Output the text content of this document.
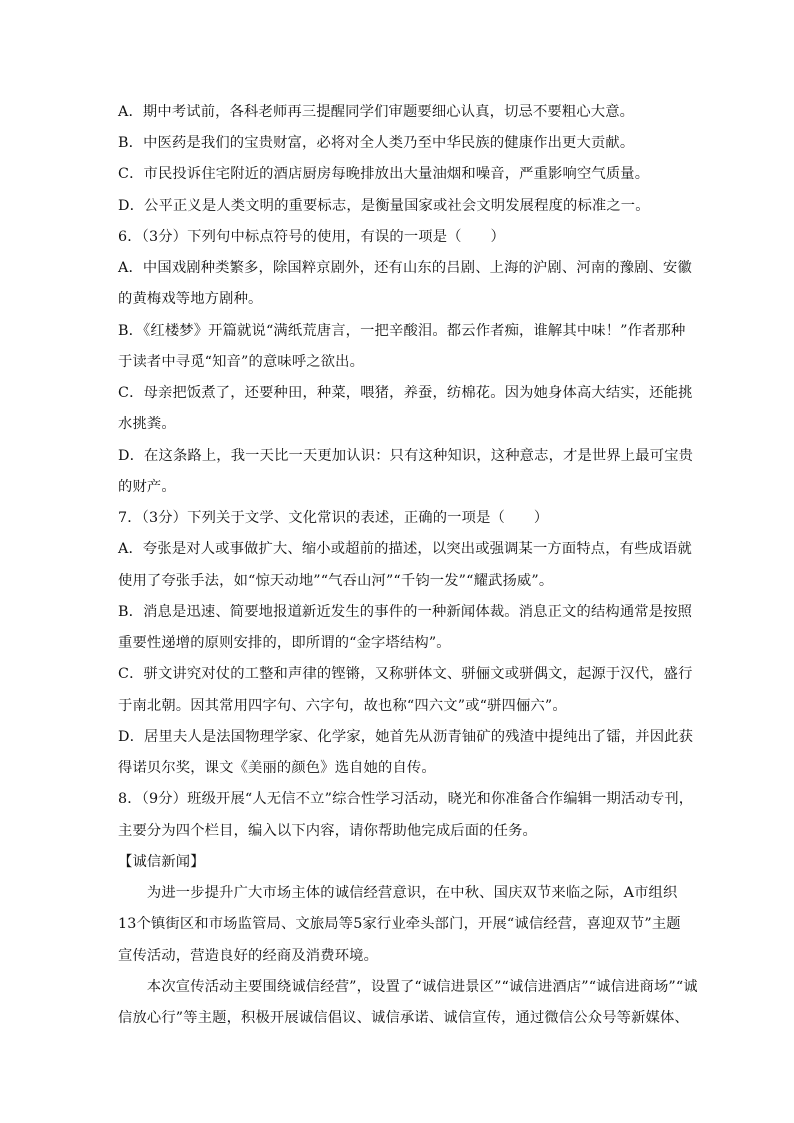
A．期中考试前，各科老师再三提醒同学们审题要细心认真，切忌不要粗心大意。
B．中医药是我们的宝贵财富，必将对全人类乃至中华民族的健康作出更大贡献。
C．市民投诉住宅附近的酒店厨房每晚排放出大量油烟和噪音，严重影响空气质量。
D．公平正义是人类文明的重要标志，是衡量国家或社会文明发展程度的标准之一。
6．（3分）下列句中标点符号的使用，有误的一项是（　　）
A．中国戏剧种类繁多，除国粹京剧外，还有山东的吕剧、上海的沪剧、河南的豫剧、安徽
的黄梅戏等地方剧种。
B．《红楼梦》开篇就说“满纸荒唐言，一把辛酸泪。都云作者痴，谁解其中味！”作者那种
于读者中寻觅“知音”的意味呼之欲出。
C．母亲把饭煮了，还要种田，种菜，喂猪，养蚕，纺棉花。因为她身体高大结实，还能挑
水挑粪。
D．在这条路上，我一天比一天更加认识：只有这种知识，这种意志，才是世界上最可宝贵
的财产。
7．（3分）下列关于文学、文化常识的表述，正确的一项是（　　）
A．夸张是对人或事做扩大、缩小或超前的描述，以突出或强调某一方面特点，有些成语就
使用了夸张手法，如“惊天动地”“气吞山河”“千钧一发”“耀武扬威”。
B．消息是迅速、简要地报道新近发生的事件的一种新闻体裁。消息正文的结构通常是按照
重要性递增的原则安排的，即所谓的“金字塔结构”。
C．骈文讲究对仗的工整和声律的铿锵，又称骈体文、骈俪文或骈偶文，起源于汉代，盛行
于南北朝。因其常用四字句、六字句，故也称“四六文”或“骈四俪六”。
D．居里夫人是法国物理学家、化学家，她首先从沥青铀矿的残渣中提纯出了镭，并因此获
得诺贝尔奖，课文《美丽的颜色》选自她的自传。
8．（9分）班级开展“人无信不立”综合性学习活动，晓光和你准备合作编辑一期活动专刊，
主要分为四个栏目，编入以下内容，请你帮助他完成后面的任务。
【诚信新闻】
　　为进一步提升广大市场主体的诚信经营意识，在中秋、国庆双节来临之际，A市组织
13个镇街区和市场监管局、文旅局等5家行业牵头部门，开展“诚信经营，喜迎双节”主题
宣传活动，营造良好的经商及消费环境。
　　本次宣传活动主要围绕诚信经营”，设置了“诚信进景区”“诚信进酒店”“诚信进商场”“诚
信放心行”等主题，积极开展诚信倡议、诚信承诺、诚信宣传，通过微信公众号等新媒体、
